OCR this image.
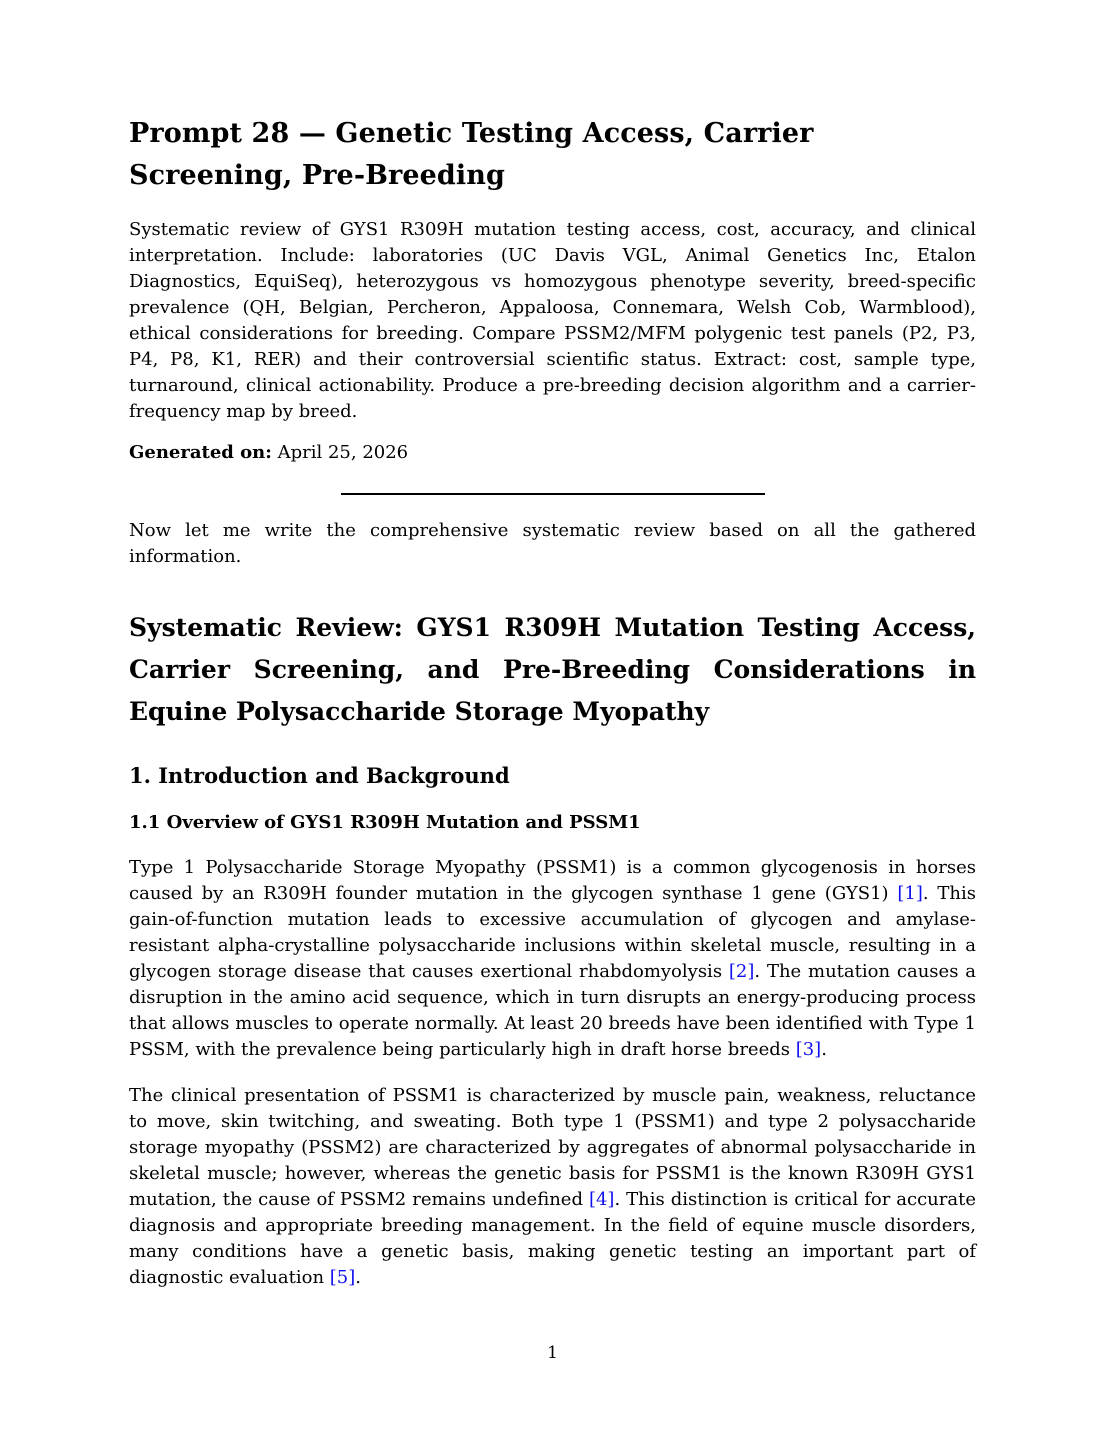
Prompt 28 — Genetic Testing Access, Carrier Screening, Pre-Breeding

Systematic review of GYS1 R309H mutation testing access, cost, accuracy, and clinical interpretation. Include: laboratories (UC Davis VGL, Animal Genetics Inc, Etalon Diagnostics, EquiSeq), heterozygous vs homozygous phenotype severity, breed-specific prevalence (QH, Belgian, Percheron, Appaloosa, Connemara, Welsh Cob, Warmblood), ethical considerations for breeding. Compare PSSM2/MFM polygenic test panels (P2, P3, P4, P8, K1, RER) and their controversial scientific status. Extract: cost, sample type, turnaround, clinical actionability. Produce a pre-breeding decision algorithm and a carrier-frequency map by breed.

Generated on: April 25, 2026

Now let me write the comprehensive systematic review based on all the gathered information.

Systematic Review: GYS1 R309H Mutation Testing Access, Carrier Screening, and Pre-Breeding Considerations in Equine Polysaccharide Storage Myopathy
1. Introduction and Background
1.1 Overview of GYS1 R309H Mutation and PSSM1

Type 1 Polysaccharide Storage Myopathy (PSSM1) is a common glycogenosis in horses caused by an R309H founder mutation in the glycogen synthase 1 gene (GYS1) [1]. This gain-of-function mutation leads to excessive accumulation of glycogen and amylase-resistant alpha-crystalline polysaccharide inclusions within skeletal muscle, resulting in a glycogen storage disease that causes exertional rhabdomyolysis [2]. The mutation causes a disruption in the amino acid sequence, which in turn disrupts an energy-producing process that allows muscles to operate normally. At least 20 breeds have been identified with Type 1 PSSM, with the prevalence being particularly high in draft horse breeds [3].

The clinical presentation of PSSM1 is characterized by muscle pain, weakness, reluctance to move, skin twitching, and sweating. Both type 1 (PSSM1) and type 2 polysaccharide storage myopathy (PSSM2) are characterized by aggregates of abnormal polysaccharide in skeletal muscle; however, whereas the genetic basis for PSSM1 is the known R309H GYS1 mutation, the cause of PSSM2 remains undefined [4]. This distinction is critical for accurate diagnosis and appropriate breeding management. In the field of equine muscle disorders, many conditions have a genetic basis, making genetic testing an important part of diagnostic evaluation [5].

1
